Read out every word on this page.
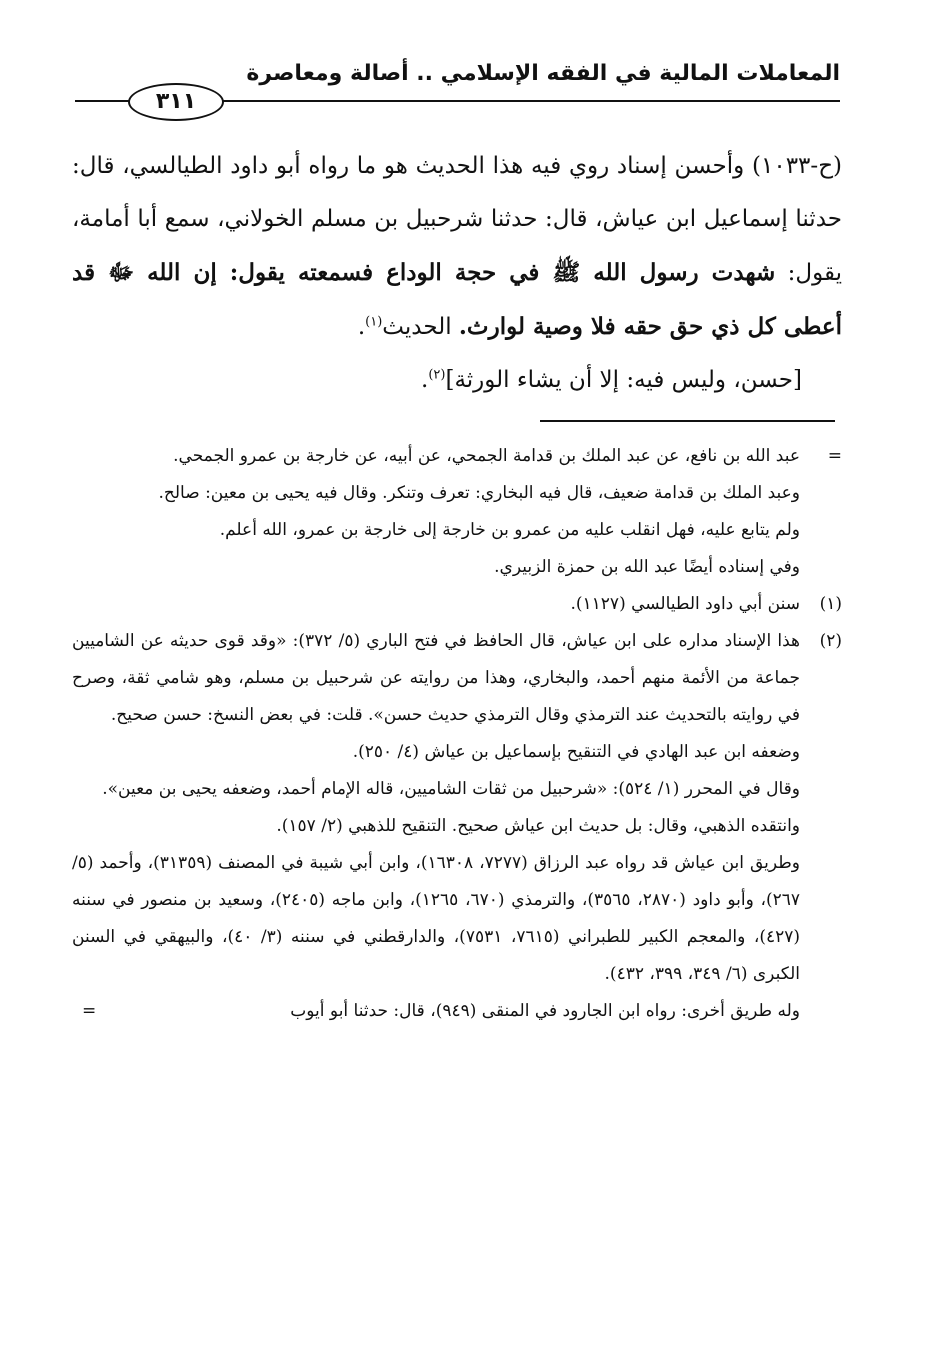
المعاملات المالية في الفقه الإسلامي .. أصالة ومعاصرة
٣١١

(ح-١٠٣٣) وأحسن إسناد روي فيه هذا الحديث هو ما رواه أبو داود الطيالسي، قال: حدثنا إسماعيل ابن عياش، قال: حدثنا شرحبيل بن مسلم الخولاني، سمع أبا أمامة، يقول: شهدت رسول الله ﷺ في حجة الوداع فسمعته يقول: إن الله ﷻ قد أعطى كل ذي حق حقه فلا وصية لوارث. الحديث$^{(١)}$.

[حسن، وليس فيه: إلا أن يشاء الورثة]$^{(٢)}$.

=

عبد الله بن نافع، عن عبد الملك بن قدامة الجمحي، عن أبيه، عن خارجة بن عمرو الجمحي.

وعبد الملك بن قدامة ضعيف، قال فيه البخاري: تعرف وتنكر. وقال فيه يحيى بن معين: صالح.

ولم يتابع عليه، فهل انقلب عليه من عمرو بن خارجة إلى خارجة بن عمرو، الله أعلم.

وفي إسناده أيضًا عبد الله بن حمزة الزبيري.

(١)

سنن أبي داود الطيالسي (١١٢٧).

(٢)

هذا الإسناد مداره على ابن عياش، قال الحافظ في فتح الباري (٥/ ٣٧٢): «وقد قوى حديثه عن الشاميين جماعة من الأئمة منهم أحمد، والبخاري، وهذا من روايته عن شرحبيل بن مسلم، وهو شامي ثقة، وصرح في روايته بالتحديث عند الترمذي وقال الترمذي حديث حسن». قلت: في بعض النسخ: حسن صحيح.

وضعفه ابن عبد الهادي في التنقيح بإسماعيل بن عياش (٤/ ٢٥٠).

وقال في المحرر (١/ ٥٢٤): «شرحبيل من ثقات الشاميين، قاله الإمام أحمد، وضعفه يحيى بن معين».

وانتقده الذهبي، وقال: بل حديث ابن عياش صحيح. التنقيح للذهبي (٢/ ١٥٧).

وطريق ابن عياش قد رواه عبد الرزاق (٧٢٧٧، ١٦٣٠٨)، وابن أبي شيبة في المصنف (٣١٣٥٩)، وأحمد (٥/ ٢٦٧)، وأبو داود (٢٨٧٠، ٣٥٦٥)، والترمذي (٦٧٠، ١٢٦٥)، وابن ماجه (٢٤٠٥)، وسعيد بن منصور في سننه (٤٢٧)، والمعجم الكبير للطبراني (٧٦١٥، ٧٥٣١)، والدارقطني في سننه (٣/ ٤٠)، والبيهقي في السنن الكبرى (٦/ ٣٤٩، ٣٩٩، ٤٣٢).

وله طريق أخرى: رواه ابن الجارود في المنقى (٩٤٩)، قال: حدثنا أبو أيوب
=
